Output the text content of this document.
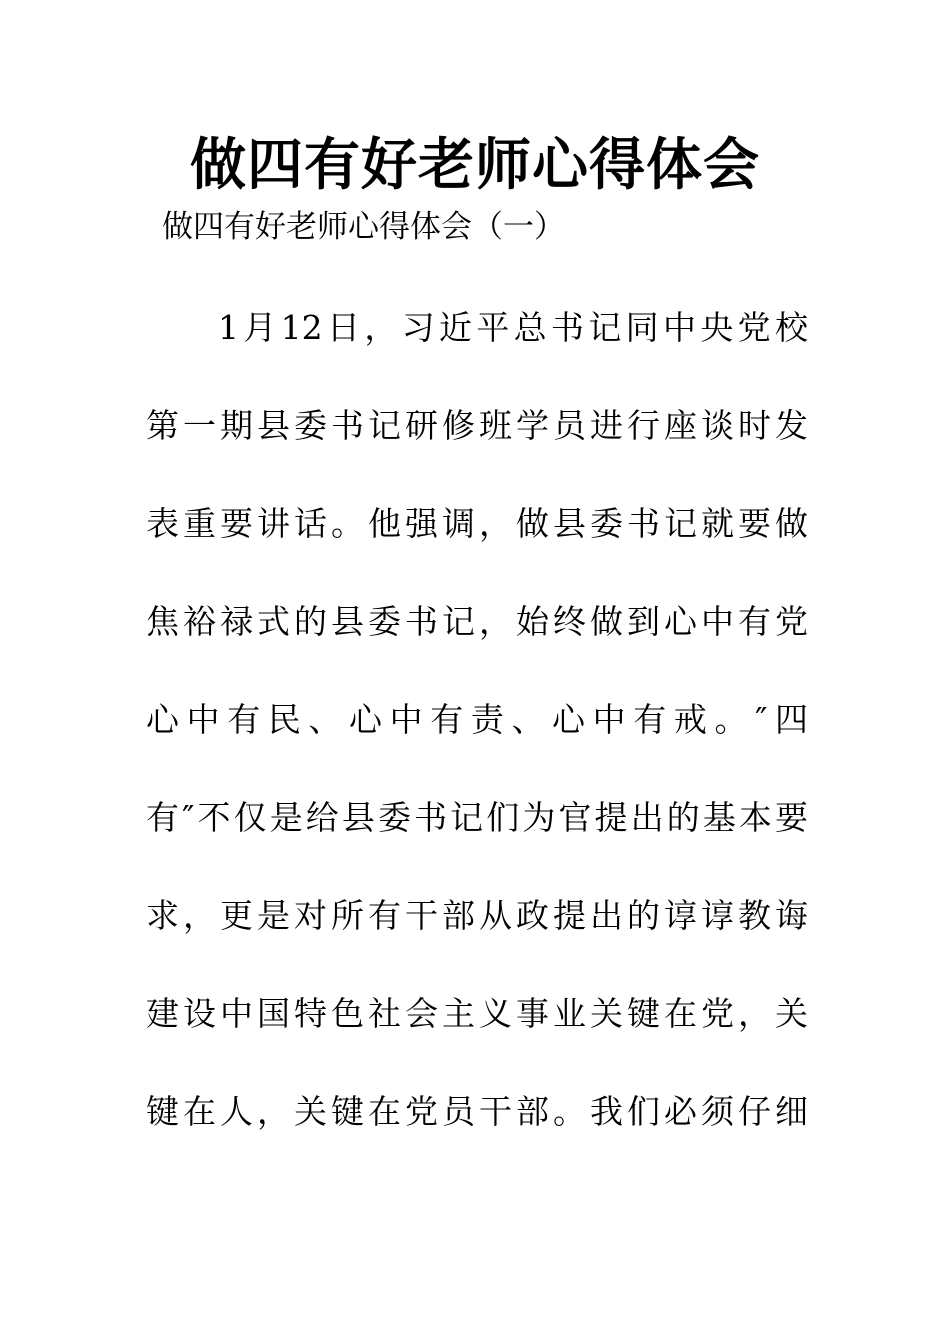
做四有好老师心得体会
做四有好老师心得体会（一）
1月12日，习近平总书记同中央党校
第一期县委书记研修班学员进行座谈时发
表重要讲话。他强调，做县委书记就要做
焦裕禄式的县委书记，始终做到心中有党
心中有民、心中有责、心中有戒。″四
有″不仅是给县委书记们为官提出的基本要
求，更是对所有干部从政提出的谆谆教诲
建设中国特色社会主义事业关键在党，关
键在人，关键在党员干部。我们必须仔细
